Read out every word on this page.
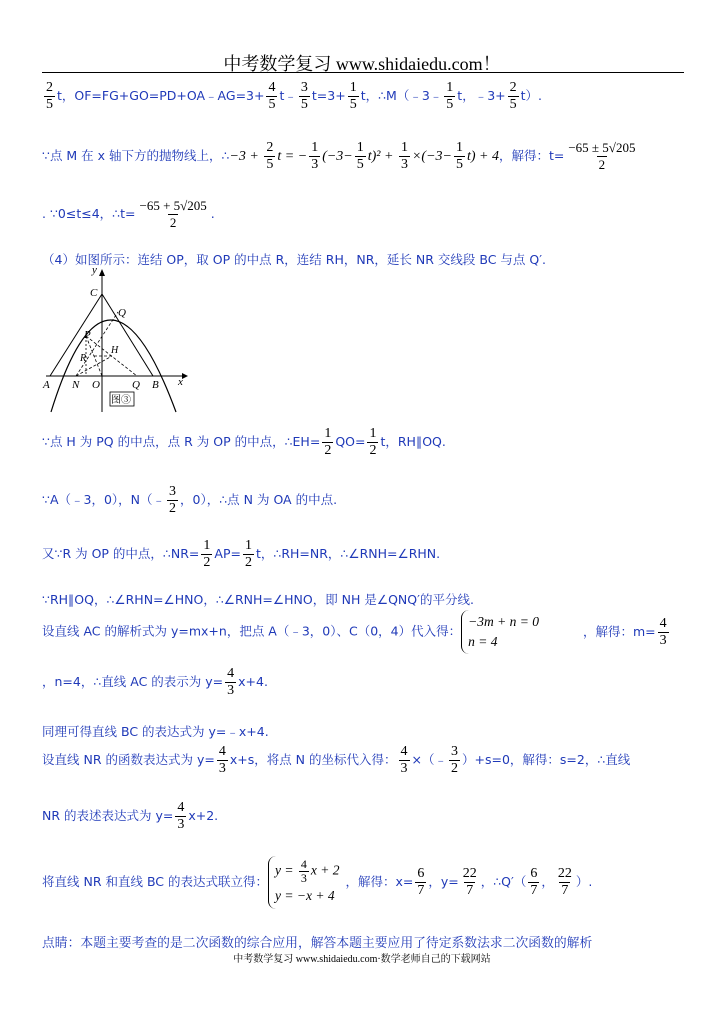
中考数学复习 www.shidaiedu.com！
$\frac{2}{5}$ t，OF=FG+GO=PD+OA﹣AG=3+ $\frac{4}{5}$ t﹣ $\frac{3}{5} t=3+ \frac{1}{5}$ t，∴M（﹣3﹣ $\frac{1}{5}$ t，﹣3+ $\frac{2}{5} t$）.
∵点 M 在 x 轴下方的抛物线上，∴−3 + $\frac{2}{5}$ t = − $\frac{1}{3} (-3- \frac{1}{5} t)^2 + \frac{1}{3} \times(-3- \frac{1}{5} t) + 4$，解得：$t= \frac{-65 \pm 5√205}{2}$
. ∵0≤t≤4，∴t= $\frac{-65 + 5√205}{2}$ .
（4）如图所示：连结 OP，取 OP 的中点 R，连结 RH，NR，延长 NR 交线段 BC 与点 Q′.
y
x
C
Q
P
H
R
A N O	Q B
图③
∵点 H 为 PQ 的中点，点 R 为 OP 的中点，∴EH= $\frac{1}{2} QO= \frac{1}{2}$ t，RH∥OQ.
∵A（﹣3，0），N（﹣ $\frac{3}{2}$ ，0），∴点 N 为 OA 的中点.
又∵R 为 OP 的中点，∴NR= $\frac{1}{2} AP= \frac{1}{2}$ t，∴RH=NR，∴∠RNH=∠RHN.
∵RH∥OQ，∴∠RHN=∠HNO，∴∠RNH=∠HNO，即 NH 是∠QNQ′的平分线.
设直线 AC 的解析式为 y=mx+n，把点 A（﹣3，0）、C（0，4）代入得：
−3m + n = 0
n = 4
，解得：$m= \frac{4}{3}$
，n=4，∴直线 AC 的表示为 $y= \frac{4}{3} x+4$.
同理可得直线 BC 的表达式为 y=﹣x+4.
设直线 NR 的函数表达式为 $y= \frac{4}{3} x+s$，将点 N 的坐标代入得： $\frac{4}{3}$ ×（﹣ $\frac{3}{2} )+s=0$，解得：s=2，∴直线
NR 的表述表达式为 $y= \frac{4}{3} x+2$.
将直线 NR 和直线 BC 的表达式联立得：
$y = \frac{4}{3}$ x + 2
y = −x + 4
，解得：$x= \frac{6}{7}$ ，$y= \frac{22}{7}$ ，∴Q′（ $\frac{6}{7}$ ， $\frac{22}{7}$ ）.
点睛：本题主要考查的是二次函数的综合应用，解答本题主要应用了待定系数法求二次函数的解析
中考数学复习 www.shidaiedu.com·数学老师自己的下载网站
